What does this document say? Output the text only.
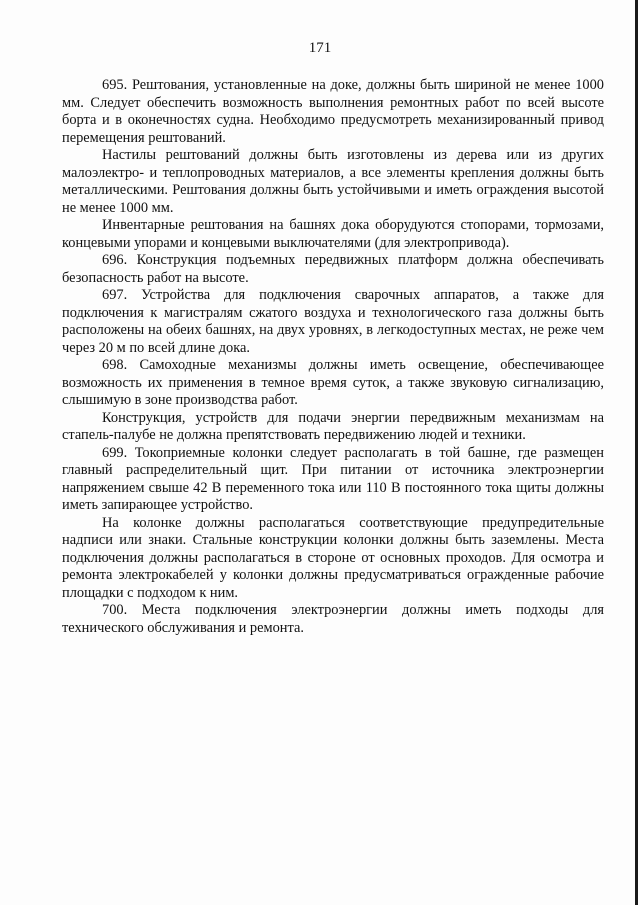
171

695. Рештования, установленные на доке, должны быть шириной не менее 1000 мм. Следует обеспечить возможность выполнения ремонтных работ по всей высоте борта и в оконечностях судна. Необходимо предусмотреть механизированный привод перемещения рештований.

Настилы рештований должны быть изготовлены из дерева или из других малоэлектро- и теплопроводных материалов, а все элементы крепления должны быть металлическими. Рештования должны быть устойчивыми и иметь ограждения высотой не менее 1000 мм.

Инвентарные рештования на башнях дока оборудуются стопорами, тормозами, концевыми упорами и концевыми выключателями (для электропривода).

696. Конструкция подъемных передвижных платформ должна обеспечивать безопасность работ на высоте.

697. Устройства для подключения сварочных аппаратов, а также для подключения к магистралям сжатого воздуха и технологического газа должны быть расположены на обеих башнях, на двух уровнях, в легкодоступных местах, не реже чем через 20 м по всей длине дока.

698. Самоходные механизмы должны иметь освещение, обеспечивающее возможность их применения в темное время суток, а также звуковую сигнализацию, слышимую в зоне производства работ.

Конструкция, устройств для подачи энергии передвижным механизмам на стапель-палубе не должна препятствовать передвижению людей и техники.

699. Токоприемные колонки следует располагать в той башне, где размещен главный распределительный щит. При питании от источника электроэнергии напряжением свыше 42 В переменного тока или 110 В постоянного тока щиты должны иметь запирающее устройство.

На колонке должны располагаться соответствующие предупредительные надписи или знаки. Стальные конструкции колонки должны быть заземлены. Места подключения должны располагаться в стороне от основных проходов. Для осмотра и ремонта электрокабелей у колонки должны предусматриваться огражденные рабочие площадки с подходом к ним.

700. Места подключения электроэнергии должны иметь подходы для технического обслуживания и ремонта.
